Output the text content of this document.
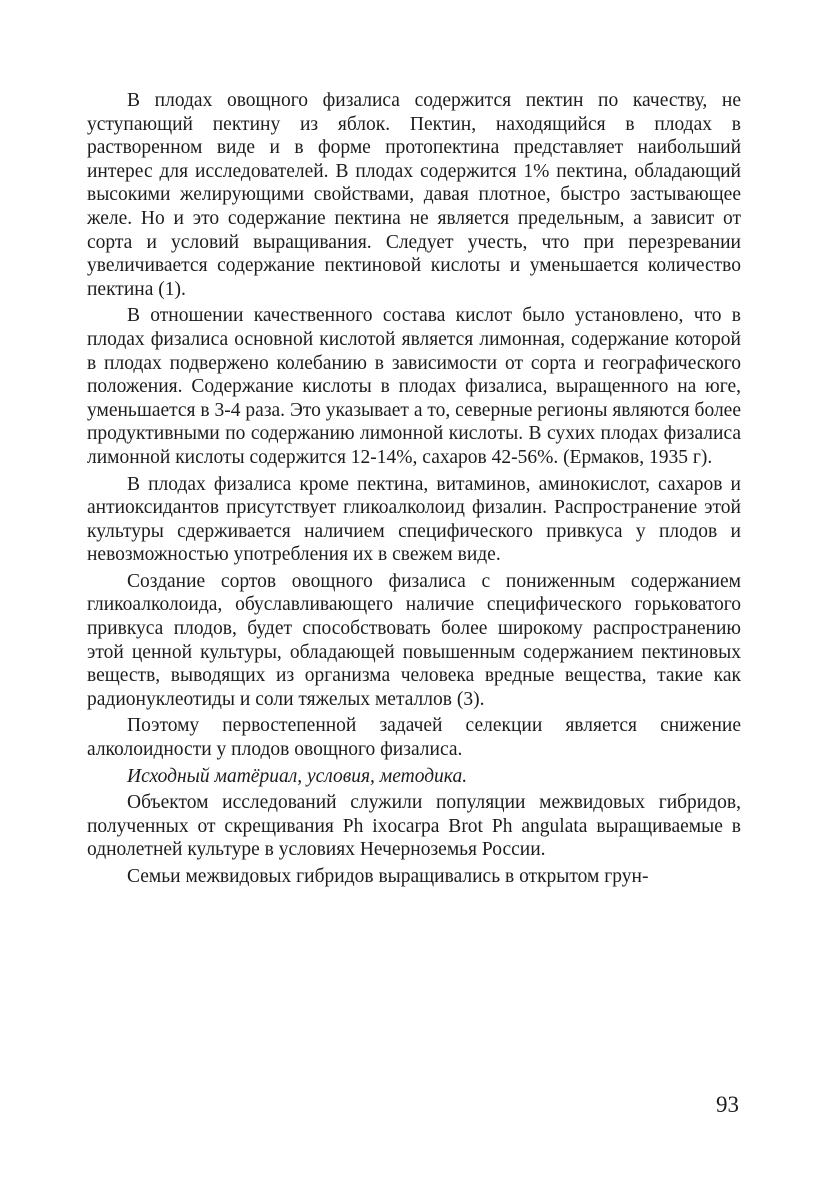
В плодах овощного физалиса содержится пектин по качеству, не уступающий пектину из яблок. Пектин, находящийся в плодах в растворенном виде и в форме протопектина представляет наибольший интерес для исследователей. В плодах содержится 1% пектина, обладающий высокими желирующими свойствами, давая плотное, быстро застывающее желе. Но и это содержание пектина не является предельным, а зависит от сорта и условий выращивания. Следует учесть, что при перезревании увеличивается содержание пектиновой кислоты и уменьшается количество пектина (1).

В отношении качественного состава кислот было установлено, что в плодах физалиса основной кислотой является лимонная, содержание которой в плодах подвержено колебанию в зависимости от сорта и географического положения. Содержание кислоты в плодах физалиса, выращенного на юге, уменьшается в 3-4 раза. Это указывает а то, северные регионы являются более продуктивными по содержанию лимонной кислоты. В сухих плодах физалиса лимонной кислоты содержится 12-14%, сахаров 42-56%. (Ермаков, 1935 г).

В плодах физалиса кроме пектина, витаминов, аминокислот, сахаров и антиоксидантов присутствует гликоалколоид физалин. Распространение этой культуры сдерживается наличием специфического привкуса у плодов и невозможностью употребления их в свежем виде.

Создание сортов овощного физалиса с пониженным содержанием гликоалколоида, обуславливающего наличие специфического горьковатого привкуса плодов, будет способствовать более широкому распространению этой ценной культуры, обладающей повышенным содержанием пектиновых веществ, выводящих из организма человека вредные вещества, такие как радионуклеотиды и соли тяжелых металлов (3).

Поэтому первостепенной задачей селекции является снижение алколоидности у плодов овощного физалиса.

Исходный матёриал, условия, методика.

Объектом исследований служили популяции межвидовых гибридов, полученных от скрещивания Ph ixocarpa Brot Ph angulata выращиваемые в однолетней культуре в условиях Нечерноземья России.

Семьи межвидовых гибридов выращивались в открытом грун-

93
